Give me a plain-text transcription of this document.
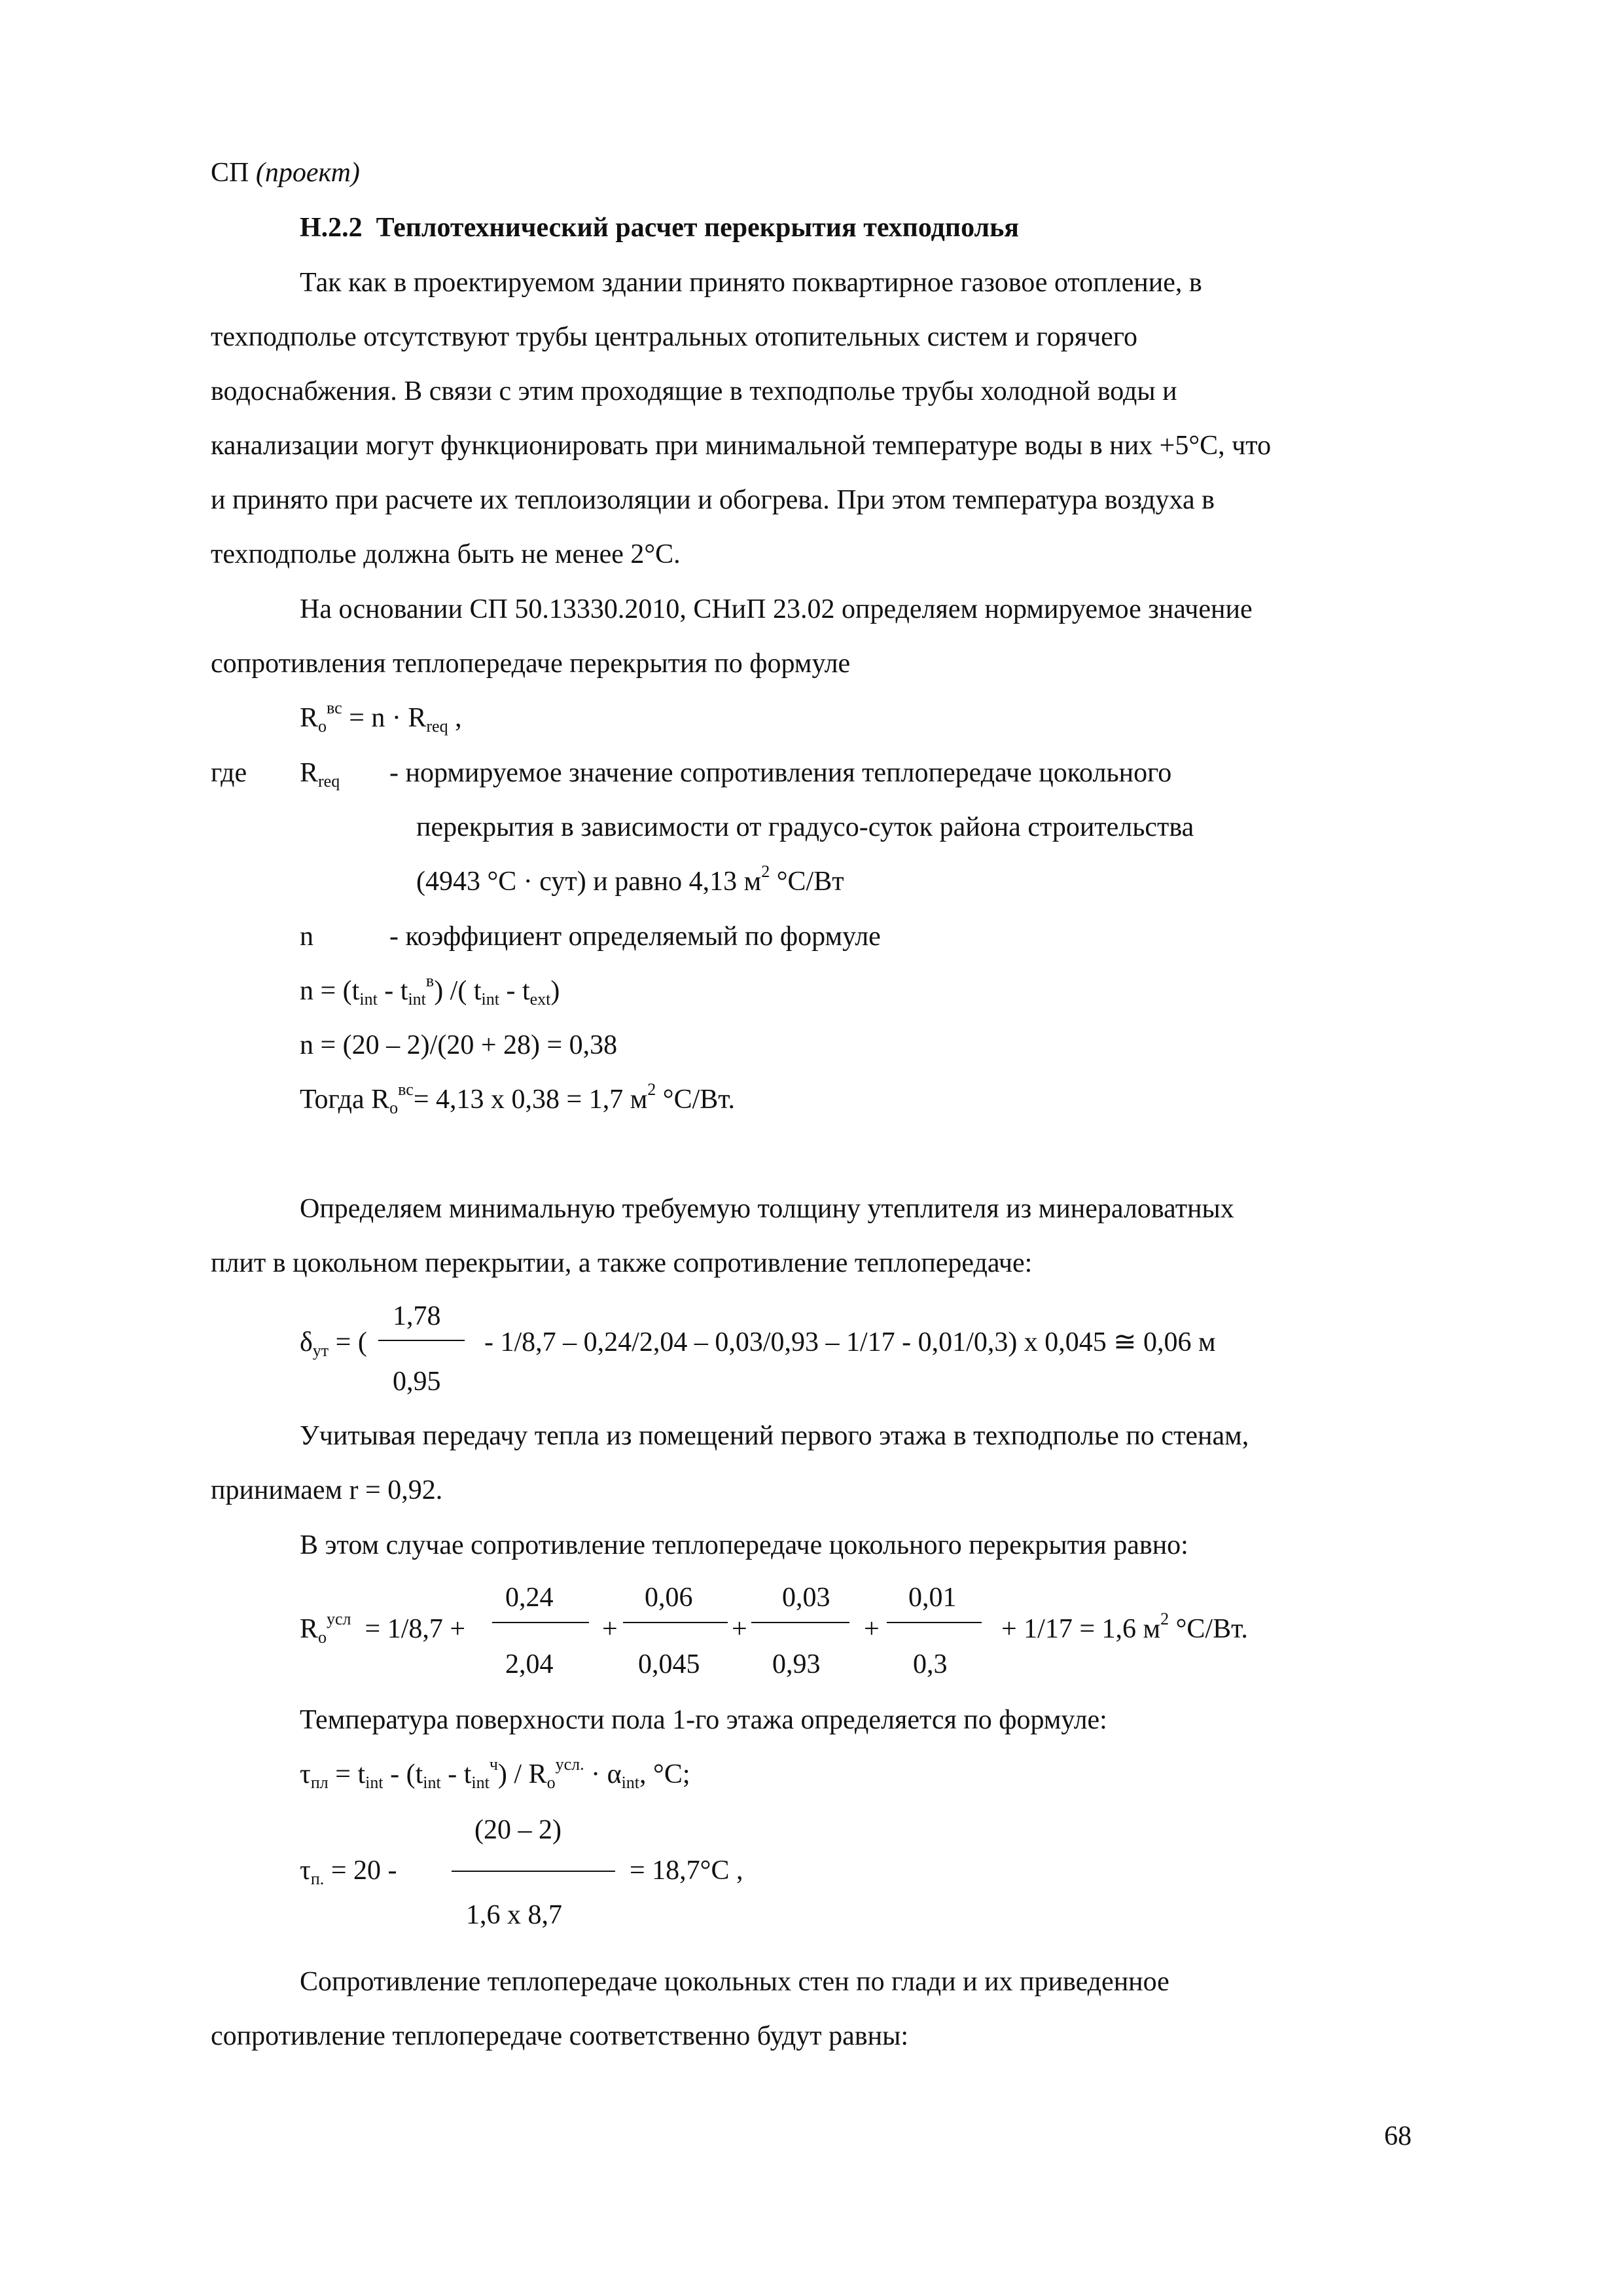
СП (проект)
Н.2.2 Теплотехнический расчет перекрытия техподполья
Так как в проектируемом здании принято поквартирное газовое отопление, в
техподполье отсутствуют трубы центральных отопительных систем и горячего
водоснабжения. В связи с этим проходящие в техподполье трубы холодной воды и
канализации могут функционировать при минимальной температуре воды в них +5°С, что
и принято при расчете их теплоизоляции и обогрева. При этом температура воздуха в
техподполье должна быть не менее 2°С.
На основании СП 50.13330.2010, СНиП 23.02 определяем нормируемое значение
сопротивления теплопередаче перекрытия по формуле
$R_o^{вс} = n \cdot R_{req}$ ,
где $R_{req}$ - нормируемое значение сопротивления теплопередаче цокольного
перекрытия в зависимости от градусо-суток района строительства
(4943 °С · сут) и равно 4,13 $м^2$ °С/Вт
n	- коэффициент определяемый по формуле
$n = (t_{int} - t_{int}^в)$ /( $t_{int} - t_{ext}$)
n = (20 – 2)/(20 + 28) = 0,38
Тогда $R_o^{вс}= 4,13$ х 0,38 = 1,7 $м^2$ °С/Вт.
Определяем минимальную требуемую толщину утеплителя из минераловатных
плит в цокольном перекрытии, а также сопротивление теплопередаче:
1,78
$\delta_{ут}$ = (	- 1/8,7 – 0,24/2,04 – 0,03/0,93 – 1/17 - 0,01/0,3) х 0,045 ≅ 0,06 м
0,95
Учитывая передачу тепла из помещений первого этажа в техподполье по стенам,
принимаем r = 0,92.
В этом случае сопротивление теплопередаче цокольного перекрытия равно:
$R_o^{усл} = 1/8,7$ +
0,24
2,04
+
0,06
0,045
+
0,03
0,93
+
0,01
0,3
+ 1/17 = 1,6 $м^2$ °С/Вт.
Температура поверхности пола 1-го этажа определяется по формуле:
$\tau_{пл} = t_{int} - (t_{int} - t_{int}^ч) / R_o^{усл.} \cdot \alpha_{int}$, °С;
(20 – 2)
$\tau_{п.} = 20$ -	= 18,7°С ,
1,6 х 8,7
Сопротивление теплопередаче цокольных стен по глади и их приведенное
сопротивление теплопередаче соответственно будут равны:
68
